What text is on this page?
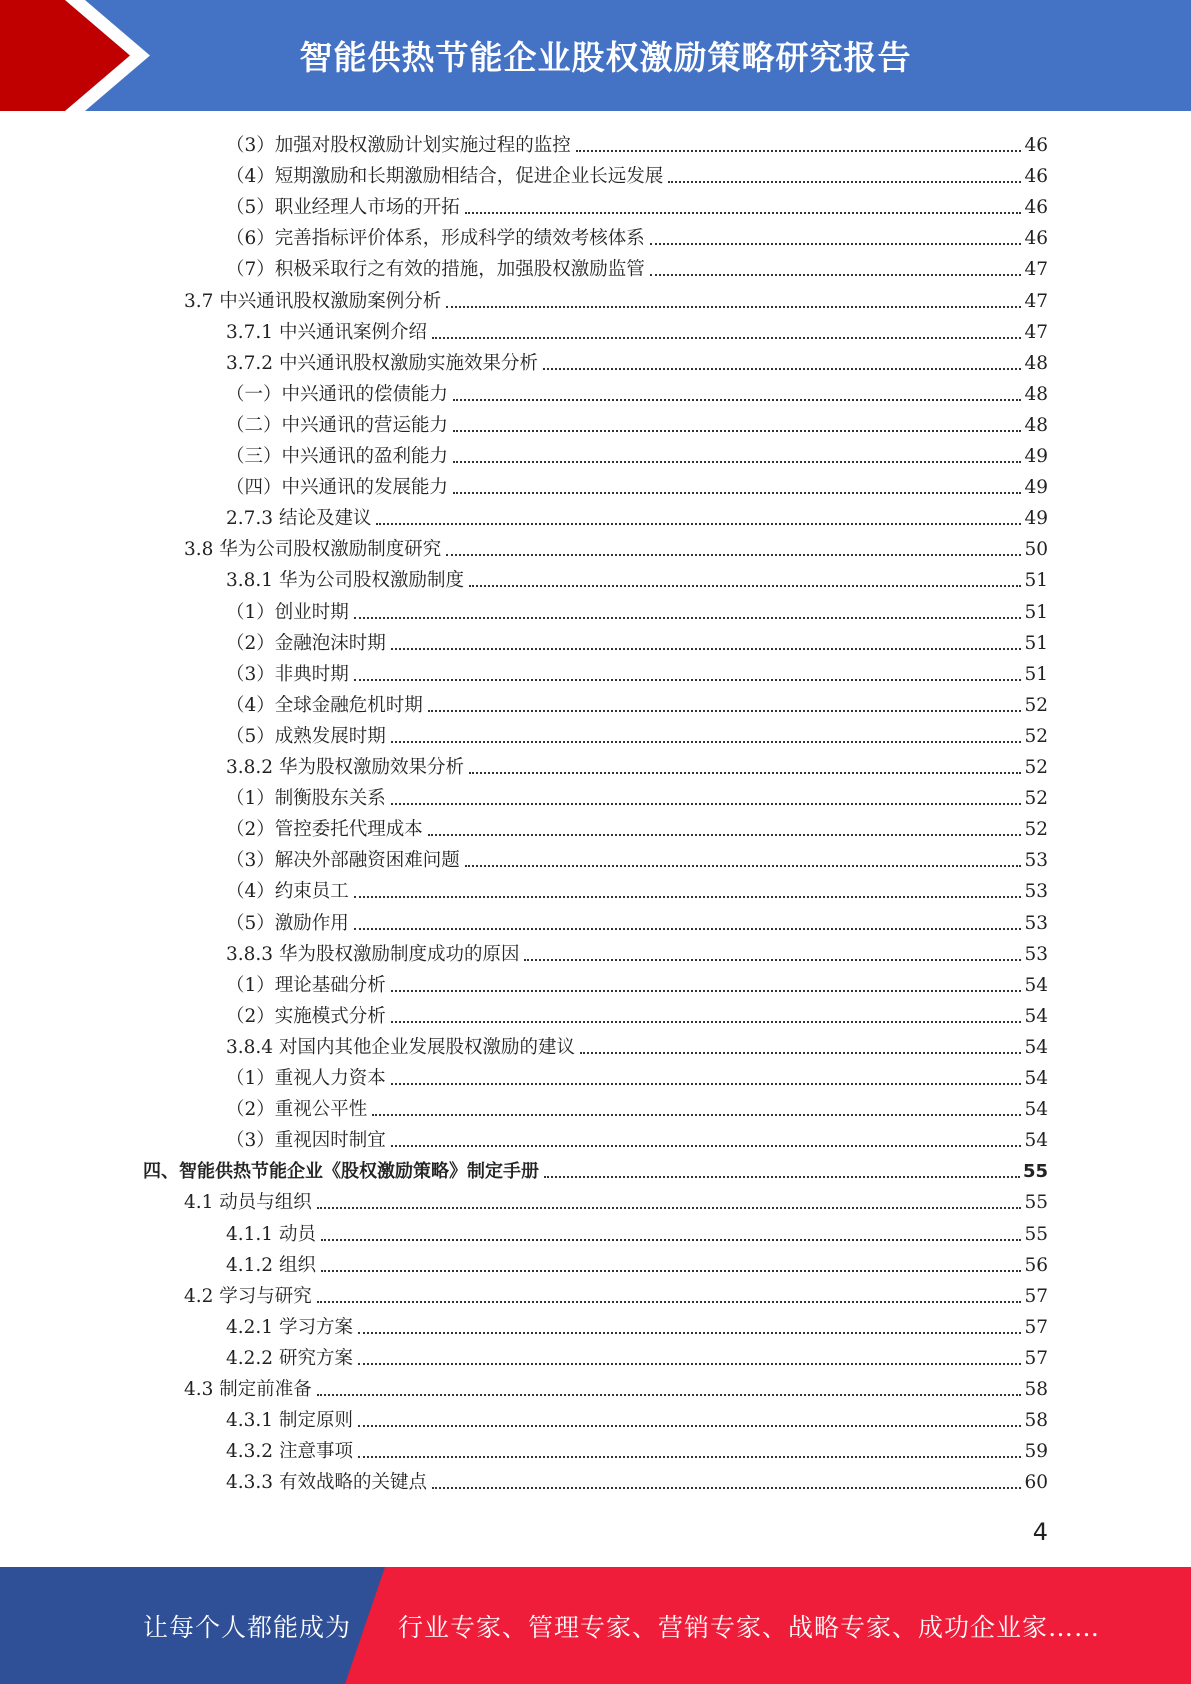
智能供热节能企业股权激励策略研究报告
（3）加强对股权激励计划实施过程的监控	46
（4）短期激励和长期激励相结合，促进企业长远发展	46
（5）职业经理人市场的开拓	46
（6）完善指标评价体系，形成科学的绩效考核体系	46
（7）积极采取行之有效的措施，加强股权激励监管	47
3.7 中兴通讯股权激励案例分析	47
3.7.1 中兴通讯案例介绍	47
3.7.2 中兴通讯股权激励实施效果分析	48
（一）中兴通讯的偿债能力	48
（二）中兴通讯的营运能力	48
（三）中兴通讯的盈利能力	49
（四）中兴通讯的发展能力	49
2.7.3 结论及建议	49
3.8 华为公司股权激励制度研究	50
3.8.1 华为公司股权激励制度	51
（1）创业时期	51
（2）金融泡沫时期	51
（3）非典时期	51
（4）全球金融危机时期	52
（5）成熟发展时期	52
3.8.2 华为股权激励效果分析	52
（1）制衡股东关系	52
（2）管控委托代理成本	52
（3）解决外部融资困难问题	53
（4）约束员工	53
（5）激励作用	53
3.8.3 华为股权激励制度成功的原因	53
（1）理论基础分析	54
（2）实施模式分析	54
3.8.4 对国内其他企业发展股权激励的建议	54
（1）重视人力资本	54
（2）重视公平性	54
（3）重视因时制宜	54
四、智能供热节能企业《股权激励策略》制定手册	55
4.1 动员与组织	55
4.1.1 动员	55
4.1.2 组织	56
4.2 学习与研究	57
4.2.1 学习方案	57
4.2.2 研究方案	57
4.3 制定前准备	58
4.3.1 制定原则	58
4.3.2 注意事项	59
4.3.3 有效战略的关键点	60
4
让每个人都能成为 行业专家、管理专家、营销专家、战略专家、成功企业家……
